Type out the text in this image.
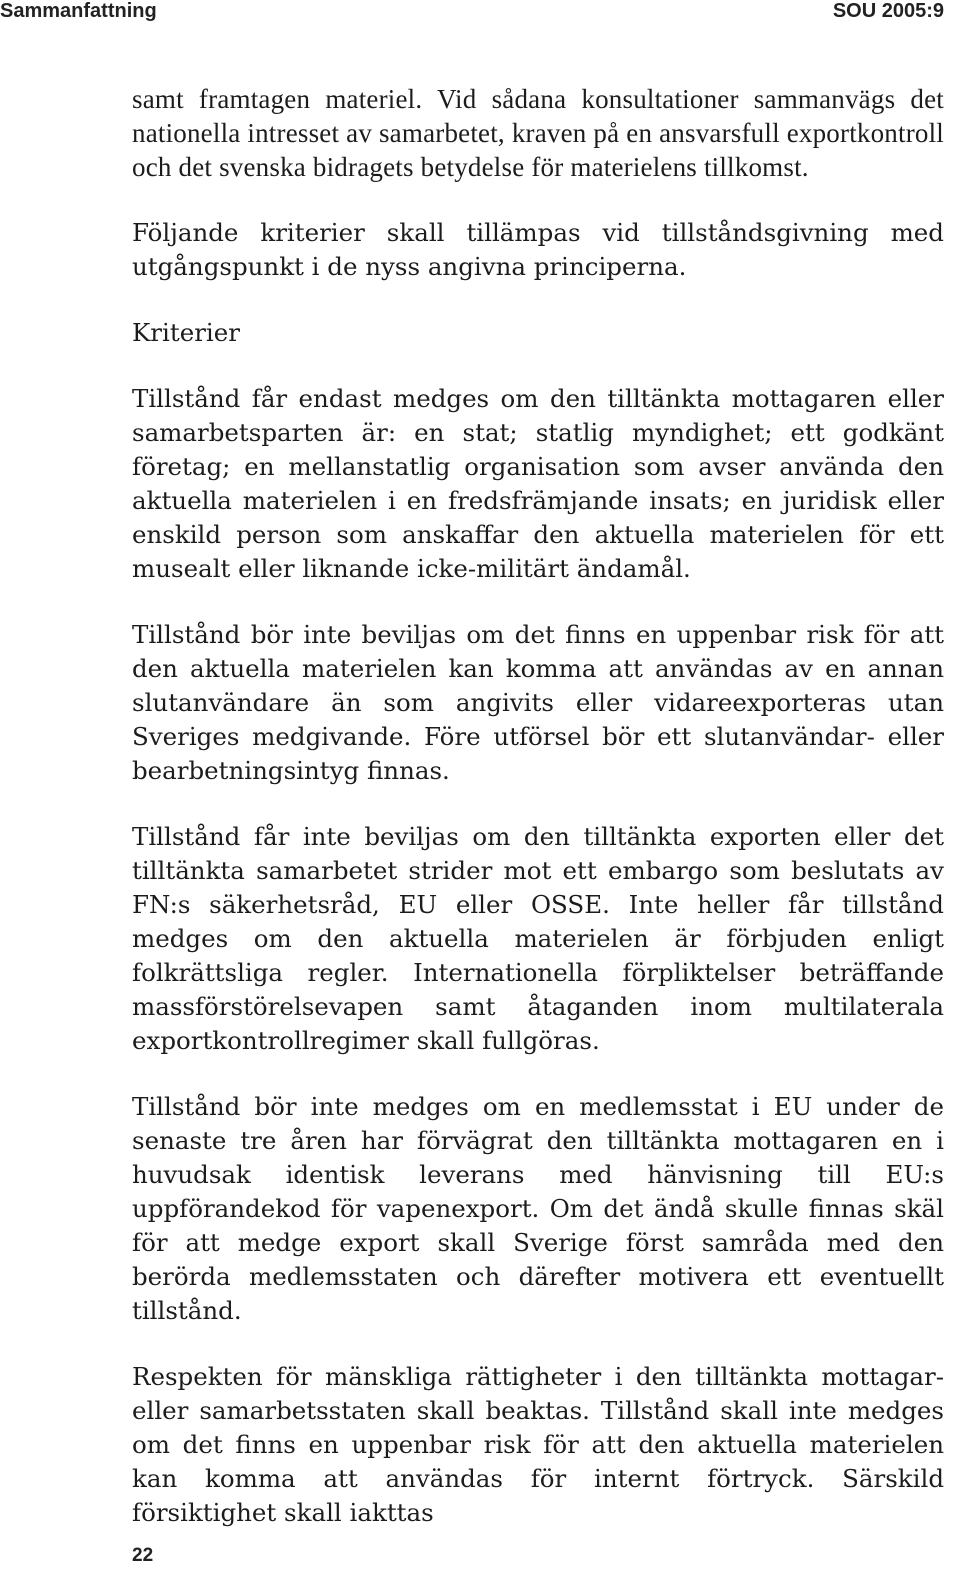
Sammanfattning	SOU 2005:9

samt framtagen materiel. Vid sådana konsultationer sammanvägs det nationella intresset av samarbetet, kraven på en ansvarsfull exportkontroll och det svenska bidragets betydelse för materielens tillkomst.

Följande kriterier skall tillämpas vid tillståndsgivning med utgångspunkt i de nyss angivna principerna.

Kriterier

Tillstånd får endast medges om den tilltänkta mottagaren eller samarbetsparten är: en stat; statlig myndighet; ett godkänt företag; en mellanstatlig organisation som avser använda den aktuella materielen i en fredsfrämjande insats; en juridisk eller enskild person som anskaffar den aktuella materielen för ett musealt eller liknande icke-militärt ändamål.

Tillstånd bör inte beviljas om det finns en uppenbar risk för att den aktuella materielen kan komma att användas av en annan slutanvändare än som angivits eller vidareexporteras utan Sveriges medgivande. Före utförsel bör ett slutanvändar- eller bearbetningsintyg finnas.

Tillstånd får inte beviljas om den tilltänkta exporten eller det tilltänkta samarbetet strider mot ett embargo som beslutats av FN:s säkerhetsråd, EU eller OSSE. Inte heller får tillstånd medges om den aktuella materielen är förbjuden enligt folkrättsliga regler. Internationella förpliktelser beträffande massförstörelsevapen samt åtaganden inom multilaterala exportkontrollregimer skall fullgöras.

Tillstånd bör inte medges om en medlemsstat i EU under de senaste tre åren har förvägrat den tilltänkta mottagaren en i huvudsak identisk leverans med hänvisning till EU:s uppförandekod för vapenexport. Om det ändå skulle finnas skäl för att medge export skall Sverige först samråda med den berörda medlemsstaten och därefter motivera ett eventuellt tillstånd.

Respekten för mänskliga rättigheter i den tilltänkta mottagar- eller samarbetsstaten skall beaktas. Tillstånd skall inte medges om det finns en uppenbar risk för att den aktuella materielen kan komma att användas för internt förtryck. Särskild försiktighet skall iakttas

22
